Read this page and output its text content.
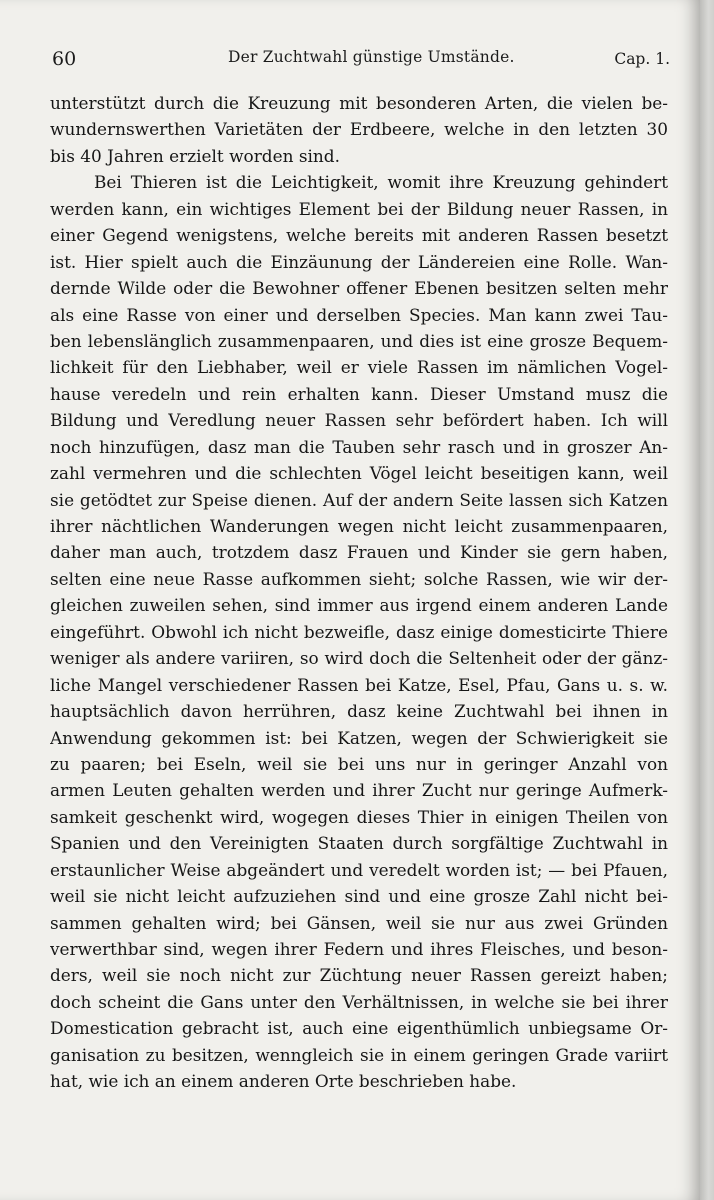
60	Der Zuchtwahl günstige Umstände.	Cap. 1.
unterstützt durch die Kreuzung mit besonderen Arten, die vielen be-
wundernswerthen Varietäten der Erdbeere, welche in den letzten 30
bis 40 Jahren erzielt worden sind.
Bei Thieren ist die Leichtigkeit, womit ihre Kreuzung gehindert
werden kann, ein wichtiges Element bei der Bildung neuer Rassen, in
einer Gegend wenigstens, welche bereits mit anderen Rassen besetzt
ist. Hier spielt auch die Einzäunung der Ländereien eine Rolle. Wan-
dernde Wilde oder die Bewohner offener Ebenen besitzen selten mehr
als eine Rasse von einer und derselben Species. Man kann zwei Tau-
ben lebenslänglich zusammenpaaren, und dies ist eine grosze Bequem-
lichkeit für den Liebhaber, weil er viele Rassen im nämlichen Vogel-
hause veredeln und rein erhalten kann. Dieser Umstand musz die
Bildung und Veredlung neuer Rassen sehr befördert haben. Ich will
noch hinzufügen, dasz man die Tauben sehr rasch und in groszer An-
zahl vermehren und die schlechten Vögel leicht beseitigen kann, weil
sie getödtet zur Speise dienen. Auf der andern Seite lassen sich Katzen
ihrer nächtlichen Wanderungen wegen nicht leicht zusammenpaaren,
daher man auch, trotzdem dasz Frauen und Kinder sie gern haben,
selten eine neue Rasse aufkommen sieht; solche Rassen, wie wir der-
gleichen zuweilen sehen, sind immer aus irgend einem anderen Lande
eingeführt. Obwohl ich nicht bezweifle, dasz einige domesticirte Thiere
weniger als andere variiren, so wird doch die Seltenheit oder der gänz-
liche Mangel verschiedener Rassen bei Katze, Esel, Pfau, Gans u. s. w.
hauptsächlich davon herrühren, dasz keine Zuchtwahl bei ihnen in
Anwendung gekommen ist: bei Katzen, wegen der Schwierigkeit sie
zu paaren; bei Eseln, weil sie bei uns nur in geringer Anzahl von
armen Leuten gehalten werden und ihrer Zucht nur geringe Aufmerk-
samkeit geschenkt wird, wogegen dieses Thier in einigen Theilen von
Spanien und den Vereinigten Staaten durch sorgfältige Zuchtwahl in
erstaunlicher Weise abgeändert und veredelt worden ist; — bei Pfauen,
weil sie nicht leicht aufzuziehen sind und eine grosze Zahl nicht bei-
sammen gehalten wird; bei Gänsen, weil sie nur aus zwei Gründen
verwerthbar sind, wegen ihrer Federn und ihres Fleisches, und beson-
ders, weil sie noch nicht zur Züchtung neuer Rassen gereizt haben;
doch scheint die Gans unter den Verhältnissen, in welche sie bei ihrer
Domestication gebracht ist, auch eine eigenthümlich unbiegsame Or-
ganisation zu besitzen, wenngleich sie in einem geringen Grade variirt
hat, wie ich an einem anderen Orte beschrieben habe.
